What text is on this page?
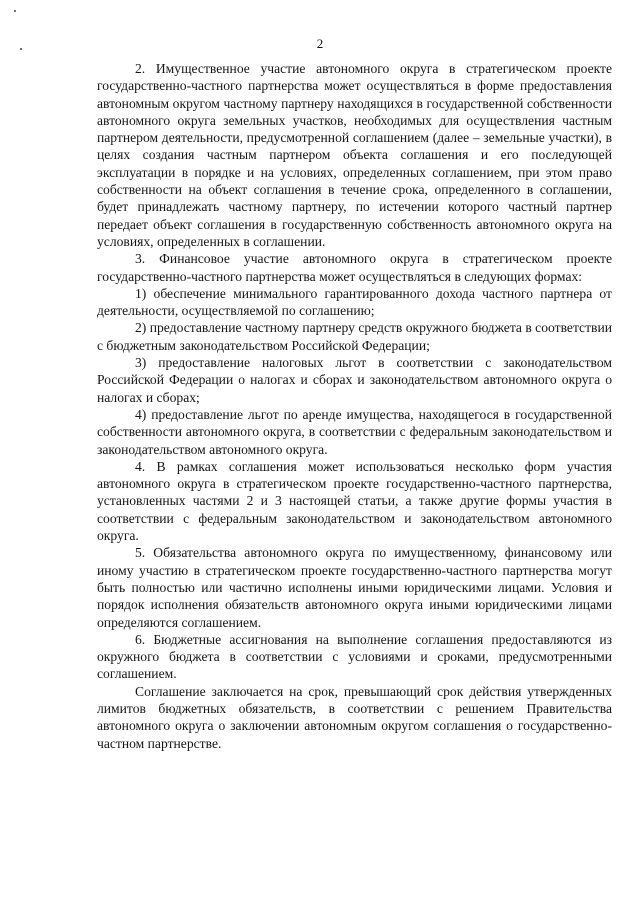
2

2. Имущественное участие автономного округа в стратегическом проекте государственно-частного партнерства может осуществляться в форме предоставления автономным округом частному партнеру находящихся в государственной собственности автономного округа земельных участков, необходимых для осуществления частным партнером деятельности, предусмотренной соглашением (далее – земельные участки), в целях создания частным партнером объекта соглашения и его последующей эксплуатации в порядке и на условиях, определенных соглашением, при этом право собственности на объект соглашения в течение срока, определенного в соглашении, будет принадлежать частному партнеру, по истечении которого частный партнер передает объект соглашения в государственную собственность автономного округа на условиях, определенных в соглашении.

3. Финансовое участие автономного округа в стратегическом проекте государственно-частного партнерства может осуществляться в следующих формах:

1) обеспечение минимального гарантированного дохода частного партнера от деятельности, осуществляемой по соглашению;

2) предоставление частному партнеру средств окружного бюджета в соответствии с бюджетным законодательством Российской Федерации;

3) предоставление налоговых льгот в соответствии с законодательством Российской Федерации о налогах и сборах и законодательством автономного округа о налогах и сборах;

4) предоставление льгот по аренде имущества, находящегося в государственной собственности автономного округа, в соответствии с федеральным законодательством и законодательством автономного округа.

4. В рамках соглашения может использоваться несколько форм участия автономного округа в стратегическом проекте государственно-частного партнерства, установленных частями 2 и 3 настоящей статьи, а также другие формы участия в соответствии с федеральным законодательством и законодательством автономного округа.

5. Обязательства автономного округа по имущественному, финансовому или иному участию в стратегическом проекте государственно-частного партнерства могут быть полностью или частично исполнены иными юридическими лицами. Условия и порядок исполнения обязательств автономного округа иными юридическими лицами определяются соглашением.

6. Бюджетные ассигнования на выполнение соглашения предоставляются из окружного бюджета в соответствии с условиями и сроками, предусмотренными соглашением.

Соглашение заключается на срок, превышающий срок действия утвержденных лимитов бюджетных обязательств, в соответствии с решением Правительства автономного округа о заключении автономным округом соглашения о государственно-частном партнерстве.
